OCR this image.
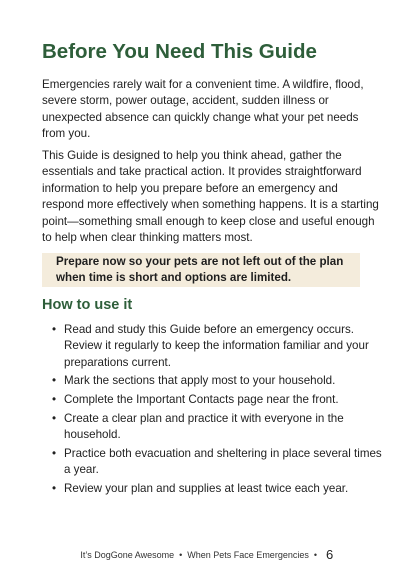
Before You Need This Guide

Emergencies rarely wait for a convenient time. A wildfire, flood, severe storm, power outage, accident, sudden illness or unexpected absence can quickly change what your pet needs from you.

This Guide is designed to help you think ahead, gather the essentials and take practical action. It provides straightforward information to help you prepare before an emergency and respond more effectively when something happens. It is a starting point—something small enough to keep close and useful enough to help when clear thinking matters most.

Prepare now so your pets are not left out of the plan when time is short and options are limited.

How to use it
• Read and study this Guide before an emergency occurs. Review it regularly to keep the information familiar and your preparations current.
• Mark the sections that apply most to your household.
• Complete the Important Contacts page near the front.
• Create a clear plan and practice it with everyone in the household.
• Practice both evacuation and sheltering in place several times a year.
• Review your plan and supplies at least twice each year.
It’s DogGone Awesome • When Pets Face Emergencies • 6
